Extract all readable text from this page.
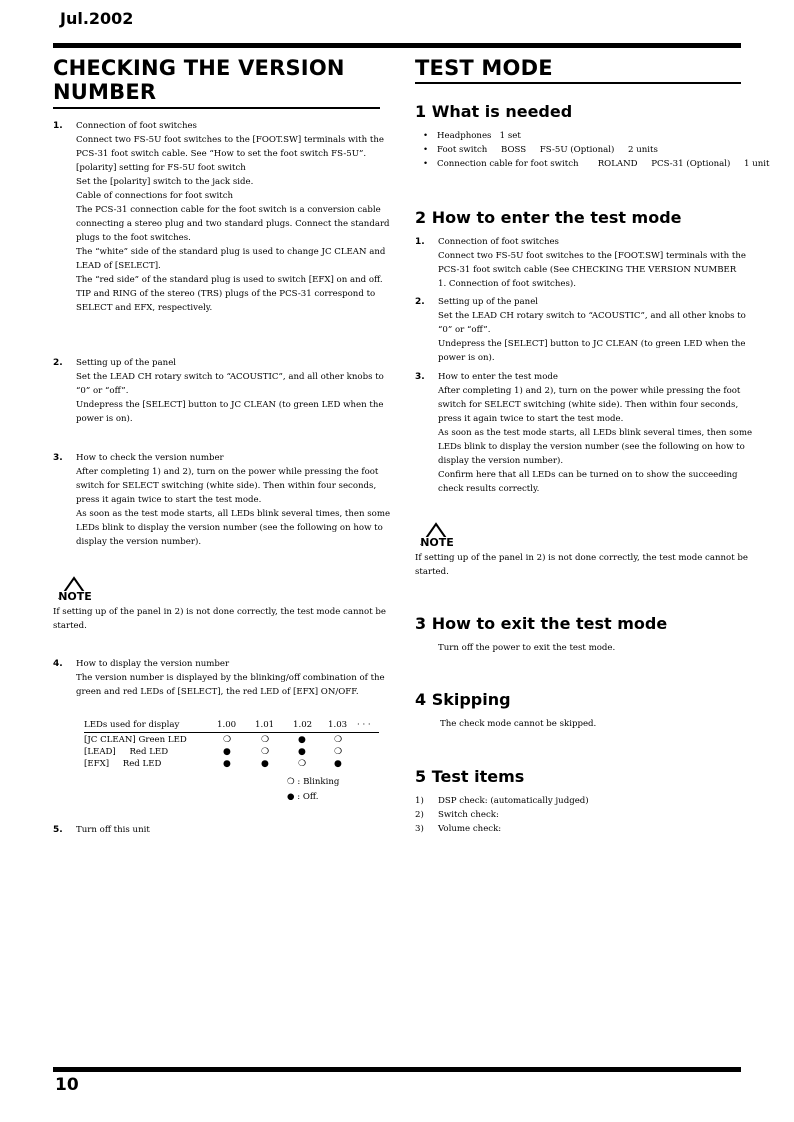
Jul.2002
10
CHECKING THE VERSION
NUMBER
1. Connection of foot switches
Connect two FS-5U foot switches to the [FOOT.SW] terminals with the
PCS-31 foot switch cable. See “How to set the foot switch FS-5U”.
[polarity] setting for FS-5U foot switch
Set the [polarity] switch to the jack side.
Cable of connections for foot switch
The PCS-31 connection cable for the foot switch is a conversion cable
connecting a stereo plug and two standard plugs. Connect the standard
plugs to the foot switches.
The “white” side of the standard plug is used to change JC CLEAN and
LEAD of [SELECT].
The “red side” of the standard plug is used to switch [EFX] on and off.
TIP and RING of the stereo (TRS) plugs of the PCS-31 correspond to
SELECT and EFX, respectively.
2. Setting up of the panel
Set the LEAD CH rotary switch to “ACOUSTIC”, and all other knobs to
“0” or “off”.
Undepress the [SELECT] button to JC CLEAN (to green LED when the
power is on).
3. How to check the version number
After completing 1) and 2), turn on the power while pressing the foot
switch for SELECT switching (white side). Then within four seconds,
press it again twice to start the test mode.
As soon as the test mode starts, all LEDs blink several times, then some
LEDs blink to display the version number (see the following on how to
display the version number).
NOTE
If setting up of the panel in 2) is not done correctly, the test mode cannot be
started.
4. How to display the version number
The version number is displayed by the blinking/off combination of the
green and red LEDs of [SELECT], the red LED of [EFX] ON/OFF.
LEDs used for display	1.00 1.01 1.02 1.03 · · ·
[JC CLEAN] Green LED	❍	❍	●	❍
[LEAD]     Red LED	●	❍	●	❍
[EFX]     Red LED	●	●	❍	●
❍ : Blinking
● : Off.
5. Turn off this unit
TEST MODE
1 What is needed
• Headphones   1 set
• Foot switch     BOSS     FS-5U (Optional)     2 units
• Connection cable for foot switch       ROLAND     PCS-31 (Optional)     1 unit
2 How to enter the test mode
1. Connection of foot switches
Connect two FS-5U foot switches to the [FOOT.SW] terminals with the
PCS-31 foot switch cable (See CHECKING THE VERSION NUMBER
1. Connection of foot switches).
2. Setting up of the panel
Set the LEAD CH rotary switch to “ACOUSTIC”, and all other knobs to
“0” or “off”.
Undepress the [SELECT] button to JC CLEAN (to green LED when the
power is on).
3. How to enter the test mode
After completing 1) and 2), turn on the power while pressing the foot
switch for SELECT switching (white side). Then within four seconds,
press it again twice to start the test mode.
As soon as the test mode starts, all LEDs blink several times, then some
LEDs blink to display the version number (see the following on how to
display the version number).
Confirm here that all LEDs can be turned on to show the succeeding
check results correctly.
NOTE
If setting up of the panel in 2) is not done correctly, the test mode cannot be
started.
3 How to exit the test mode
Turn off the power to exit the test mode.
4 Skipping
The check mode cannot be skipped.
5 Test items
1) DSP check: (automatically judged)
2) Switch check:
3) Volume check:
